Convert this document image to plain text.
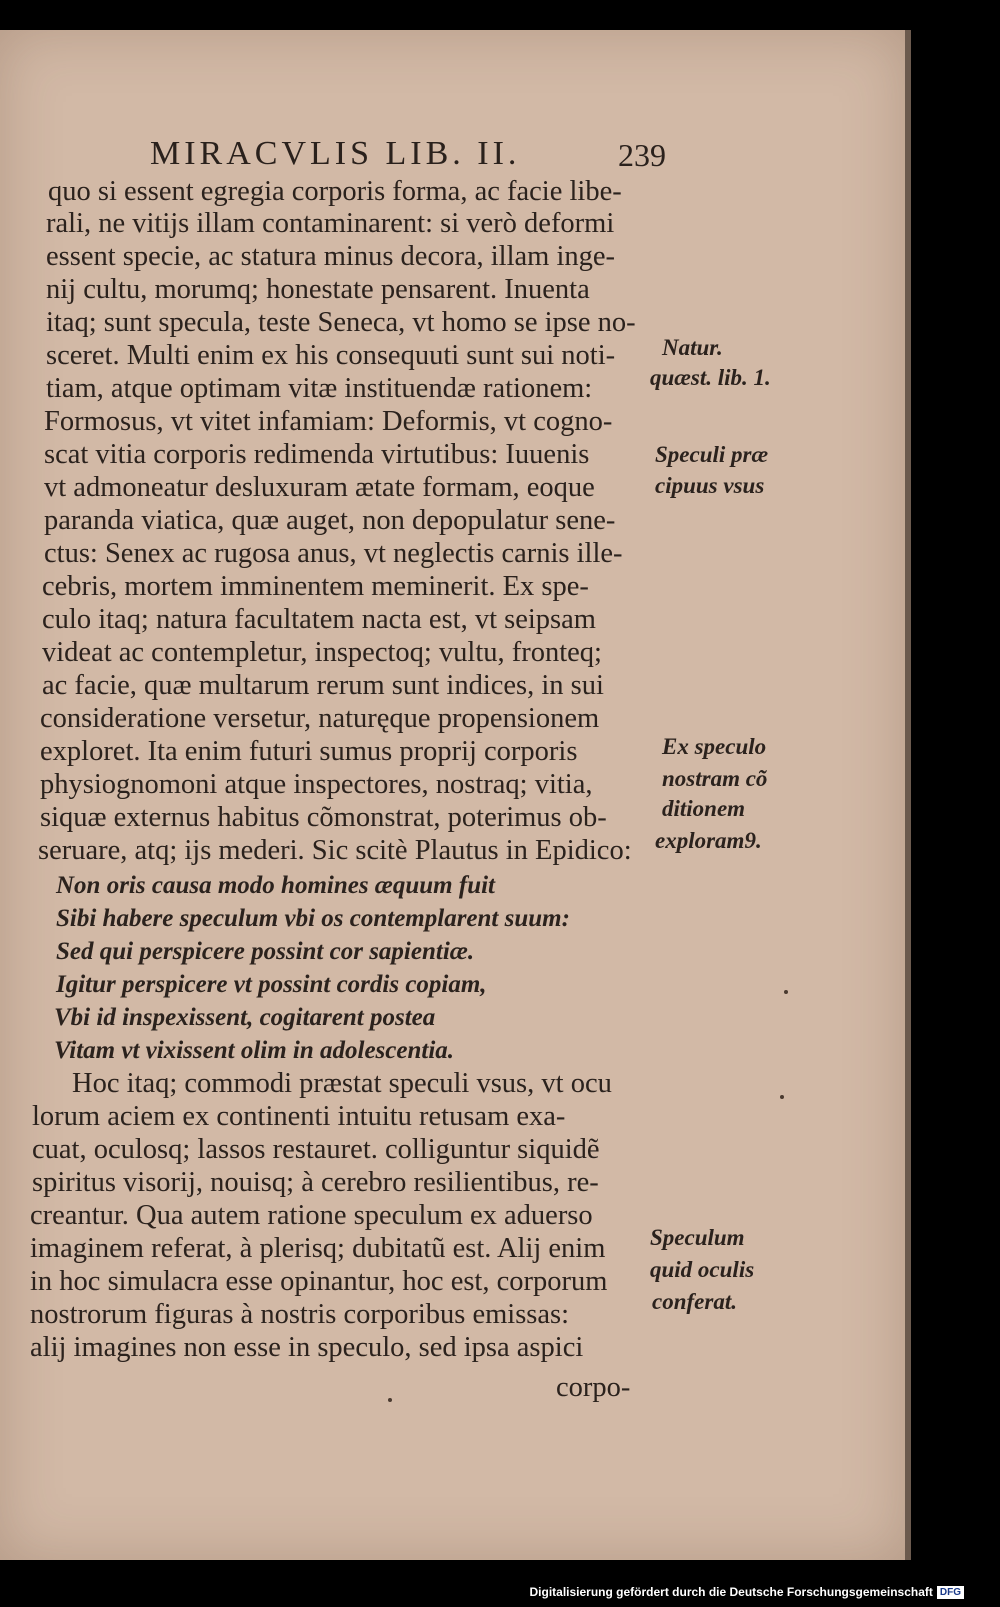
MIRACVLIS LIB. II.	239
quo si essent egregia corporis forma, ac facie libe-
rali, ne vitijs illam contaminarent: si verò deformi
essent specie, ac statura minus decora, illam inge-
nij cultu, morumq; honestate pensarent. Inuenta
itaq; sunt specula, teste Seneca, vt homo se ipse no-
sceret. Multi enim ex his consequuti sunt sui noti-
tiam, atque optimam vitæ instituendæ rationem:
Formosus, vt vitet infamiam: Deformis, vt cogno-
scat vitia corporis redimenda virtutibus: Iuuenis
vt admoneatur desluxuram ætate formam, eoque
paranda viatica, quæ auget, non depopulatur sene-
ctus: Senex ac rugosa anus, vt neglectis carnis ille-
cebris, mortem imminentem meminerit. Ex spe-
culo itaq; natura facultatem nacta est, vt seipsam
videat ac contempletur, inspectoq; vultu, fronteq;
ac facie, quæ multarum rerum sunt indices, in sui
consideratione versetur, naturęque propensionem
exploret. Ita enim futuri sumus proprij corporis
physiognomoni atque inspectores, nostraq; vitia,
siquæ externus habitus cõmonstrat, poterimus ob-
seruare, atq; ijs mederi. Sic scitè Plautus in Epidico:
Non oris causa modo homines æquum fuit
Sibi habere speculum vbi os contemplarent suum:
Sed qui perspicere possint cor sapientiæ.
Igitur perspicere vt possint cordis copiam,
Vbi id inspexissent, cogitarent postea
Vitam vt vixissent olim in adolescentia.
Hoc itaq; commodi præstat speculi vsus, vt ocu
lorum aciem ex continenti intuitu retusam exa-
cuat, oculosq; lassos restauret. colliguntur siquidẽ
spiritus visorij, nouisq; à cerebro resilientibus, re-
creantur. Qua autem ratione speculum ex aduerso
imaginem referat, à plerisq; dubitatũ est. Alij enim
in hoc simulacra esse opinantur, hoc est, corporum
nostrorum figuras à nostris corporibus emissas:
alij imagines non esse in speculo, sed ipsa aspici
corpo-
Natur.
quæst. lib. 1.
Speculi præ
cipuus vsus
Ex speculo
nostram cõ
ditionem
exploram9.
Speculum
quid oculis
conferat.
Digitalisierung gefördert durch die Deutsche Forschungsgemeinschaft DFG
